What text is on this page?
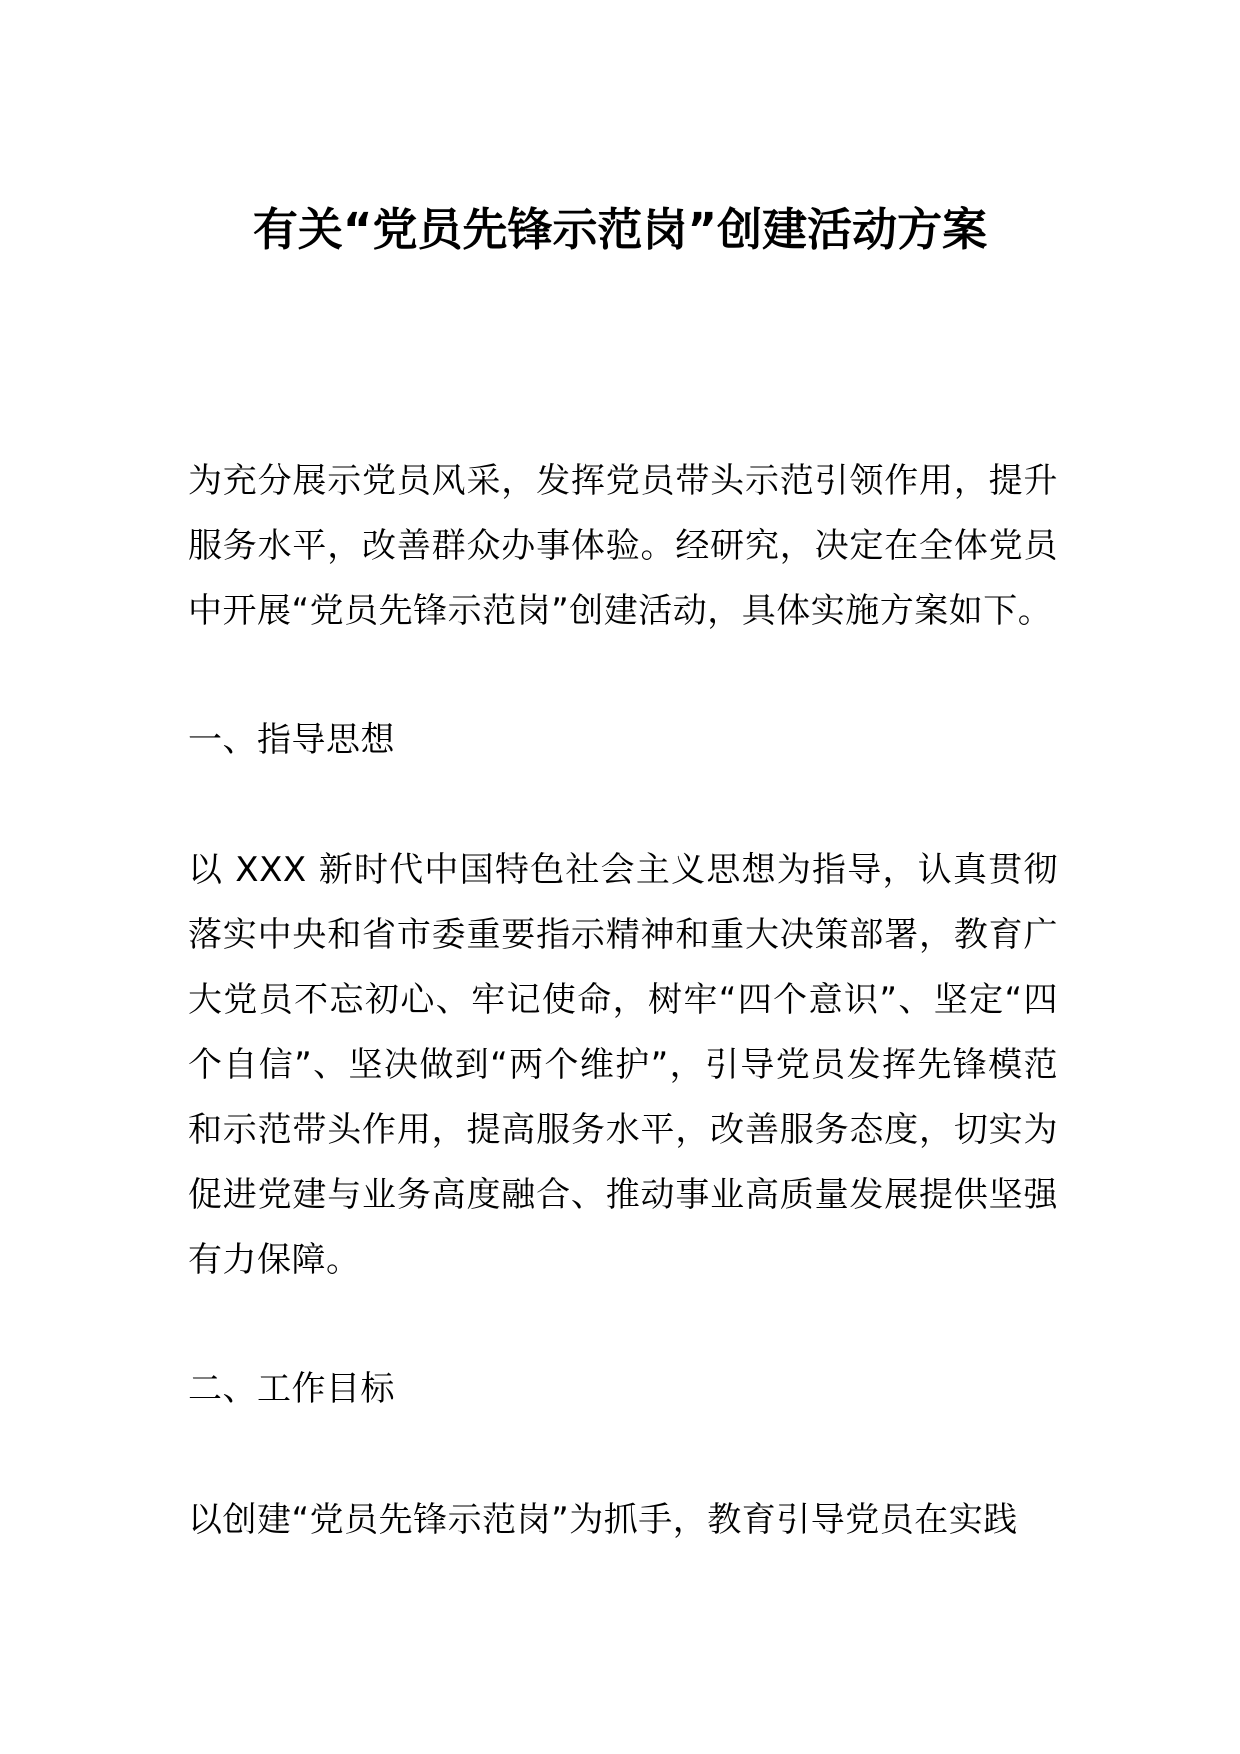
有关“党员先锋示范岗”创建活动方案

为充分展示党员风采，发挥党员带头示范引领作用，提升服务水平，改善群众办事体验。经研究，决定在全体党员中开展“党员先锋示范岗”创建活动，具体实施方案如下。

一、指导思想

以 XXX 新时代中国特色社会主义思想为指导，认真贯彻落实中央和省市委重要指示精神和重大决策部署，教育广大党员不忘初心、牢记使命，树牢“四个意识”、坚定“四个自信”、坚决做到“两个维护”，引导党员发挥先锋模范和示范带头作用，提高服务水平，改善服务态度，切实为促进党建与业务高度融合、推动事业高质量发展提供坚强有力保障。

二、工作目标

以创建“党员先锋示范岗”为抓手，教育引导党员在实践
